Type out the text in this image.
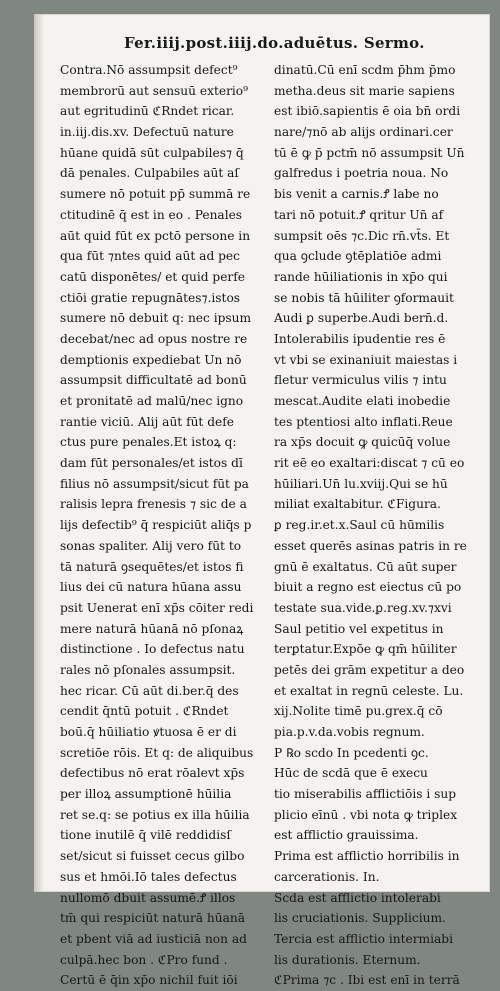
Fer.iiij.post.iiij.do.aduētus. Sermo.
Contra.Nō assumpsit defect⁹
membrorū aut sensuū exterio⁹
aut egritudinū ℭRndet ricar.
in.iij.dis.xv. Defectuū nature
hūane quidā sūt culpabiles⁊ q̄
dā penales. Culpabiles aūt aſ
sumere nō potuit pp̄ summā re
ctitudinē q̄ est in eo . Penales
aūt quid fūt ex pctō persone in
qua fūt ⁊ntes quid aūt ad pec
catū disponētes/ et quid perfe
ctiōi gratie repugnātes⁊.istos
sumere nō debuit q: nec ipsum
decebat/nec ad opus nostre re
demptionis expediebat Un nō
assumpsit difficultatē ad bonū
et pronitatē ad malū/nec igno
rantie viciū. Alij aūt fūt defe
ctus pure penales.Et istoꝝ q:
dam fūt personales/et istos dī
filius nō assumpsit/sicut fūt pa
ralisis lepra frenesis ⁊ sic de a
lijs defectib⁹ q̄ respiciūt aliq̄s p
sonas spaliter. Alij vero fūt to
tā naturā ꝯsequētes/et istos fi
lius dei cū natura hūana assu
psit Uenerat enī xp̄s cōiter redi
mere naturā hūanā nō pſonaꝝ
distinctione . Io defectus natu
rales nō pſonales assumpsit.
hec ricar. Cū aūt di.ber.q̄ des
cendit q̄ntū potuit . ℭRndet
boū.q̄ hūiliatio ꝟtuosa ē er di
scretiōe rōis. Et q: de aliquibus
defectibus nō erat rōalevt xp̄s
per illoꝝ assumptionē hūilia
ret se.q: se potius ex illa hūilia
tione inutilē q̄ vilē reddidisſ
set/sicut si fuisset cecus gilbo
sus et hmōi.Iō tales defectus
nullomō dbuit assumē.Ꝭ illos
tm̄ qui respiciūt naturā hūanā
et pbent viā ad iusticiā non ad
culpā.hec bon . ℭPro fund .
Certū ē q̄in xp̄o nichil fuit iōi
dinatū.Cū enī scdm p̄hm p̄mo
metha.deus sit marie sapiens
est ibiō.sapientis ē oia bn̄ ordi
nare/⁊nō ab alijs ordinari.cer
tū ē ꝙ p̄ pctm̄ nō assumpsit Un̄
galfredus i poetria noua. No
bis venit a carnis.Ꝭ labe no
tari nō potuit.Ꝭ qritur Un̄ af
sumpsit oēs ⁊c.Dic rn̄.vt̄s. Et
qua ꝯclude ꝯtēplatiōe admi
rande hūiliationis in xp̄o qui
se nobis tā hūiliter ꝯformauit
Audi ꝑ superbe.Audi bern̄.d.
Intolerabilis ipudentie res ē
vt vbi se exinaniuit maiestas i
fletur vermiculus vilis ⁊ intu
mescat.Audite elati inobedie
tes ptentiosi alto inflati.Reue
ra xp̄s docuit ꝙ quicūq̄ volue
rit eē eo exaltari:discat ⁊ cū eo
hūiliari.Un̄ lu.xviij.Qui se hū
miliat exaltabitur. ℭFigura.
ꝑ reg.ir.et.x.Saul cū hūmilis
esset querēs asinas patris in re
gnū ē exaltatus. Cū aūt super
biuit a regno est eiectus cū po
testate sua.vide.ꝑ.reg.xv.⁊xvi
Saul petitio vel expetitus in
terꝑtatur.Expōe ꝙ qm̄ hūiliter
petēs dei grām expetitur a deo
et exaltat in regnū celeste. Lu.
xij.Nolite timē pu.grex.q̄ cō
pia.p.v.da.vobis regnum.
P ℞o scdo In pcedenti ꝯc.
Hūc de scdā que ē execu
tio miserabilis afflictiōis i sup
plicio eīnū . vbi nota ꝙ triplex
est afflictio grauissima.
Prima est afflictio horribilis in
carcerationis. In.
Scda est afflictio intolerabi
lis cruciationis. Supplicium.
Tercia est afflictio intermiabi
lis durationis. Eternum.
ℭPrima ⁊c . Ibi est enī in terrā
